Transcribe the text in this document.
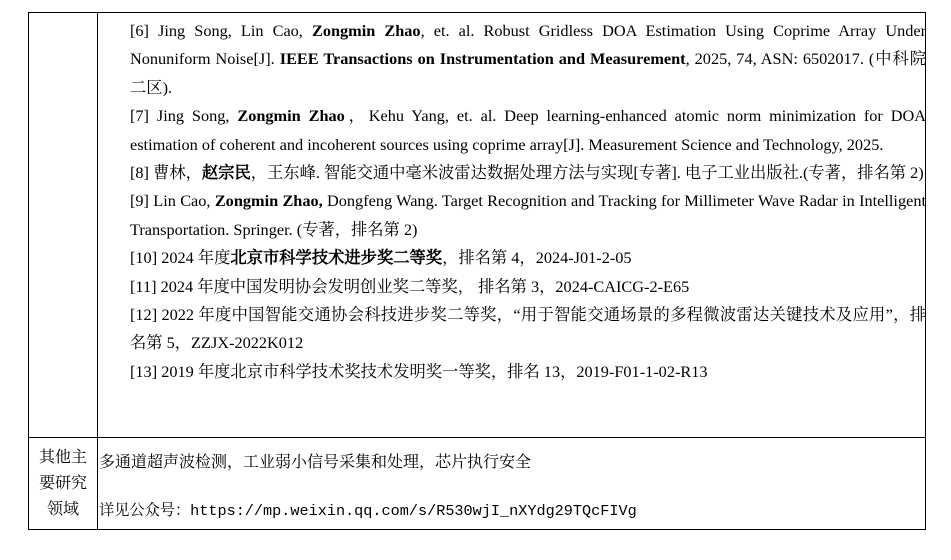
[6] Jing Song, Lin Cao, Zongmin Zhao, et. al. Robust Gridless DOA Estimation Using Coprime Array Under Nonuniform Noise[J]. IEEE Transactions on Instrumentation and Measurement, 2025, 74, ASN: 6502017. (中科院二区).
[7] Jing Song, Zongmin Zhao，Kehu Yang, et. al. Deep learning-enhanced atomic norm minimization for DOA estimation of coherent and incoherent sources using coprime array[J]. Measurement Science and Technology, 2025.
[8] 曹林，赵宗民，王东峰. 智能交通中毫米波雷达数据处理方法与实现[专著]. 电子工业出版社.(专著，排名第 2)
[9] Lin Cao, Zongmin Zhao, Dongfeng Wang. Target Recognition and Tracking for Millimeter Wave Radar in Intelligent Transportation. Springer. (专著，排名第 2)
[10] 2024 年度北京市科学技术进步奖二等奖，排名第 4，2024-J01-2-05
[11] 2024 年度中国发明协会发明创业奖二等奖， 排名第 3，2024-CAICG-2-E65
[12] 2022 年度中国智能交通协会科技进步奖二等奖，“用于智能交通场景的多程微波雷达关键技术及应用”，排名第 5，ZZJX-2022K012
[13] 2019 年度北京市科学技术奖技术发明奖一等奖，排名 13，2019-F01-1-02-R13
其他主
要研究
领域
多通道超声波检测，工业弱小信号采集和处理，芯片执行安全
详见公众号：https://mp.weixin.qq.com/s/R530wjI_nXYdg29TQcFIVg
